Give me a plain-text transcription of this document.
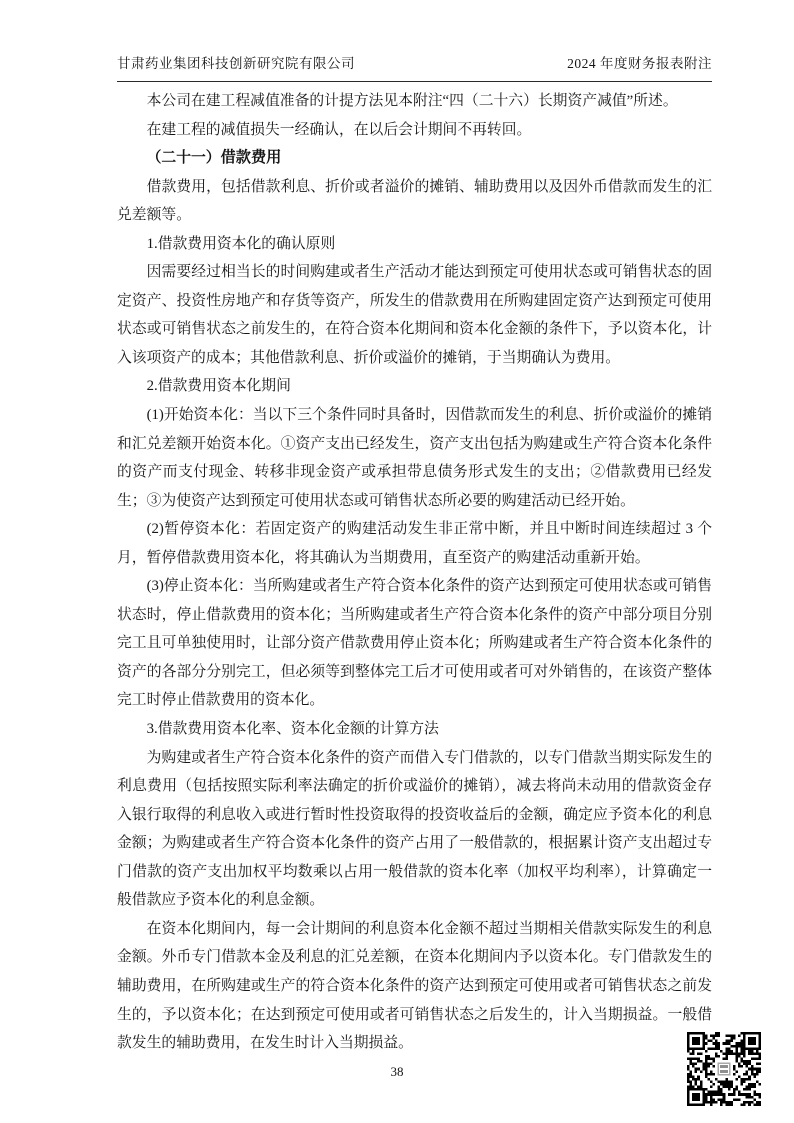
甘肃药业集团科技创新研究院有限公司	2024 年度财务报表附注

本公司在建工程减值准备的计提方法见本附注“四（二十六）长期资产减值”所述。

在建工程的减值损失一经确认，在以后会计期间不再转回。

（二十一）借款费用

借款费用，包括借款利息、折价或者溢价的摊销、辅助费用以及因外币借款而发生的汇兑差额等。

1.借款费用资本化的确认原则

因需要经过相当长的时间购建或者生产活动才能达到预定可使用状态或可销售状态的固定资产、投资性房地产和存货等资产，所发生的借款费用在所购建固定资产达到预定可使用状态或可销售状态之前发生的，在符合资本化期间和资本化金额的条件下，予以资本化，计入该项资产的成本；其他借款利息、折价或溢价的摊销，于当期确认为费用。

2.借款费用资本化期间

(1)开始资本化：当以下三个条件同时具备时，因借款而发生的利息、折价或溢价的摊销和汇兑差额开始资本化。①资产支出已经发生，资产支出包括为购建或生产符合资本化条件的资产而支付现金、转移非现金资产或承担带息债务形式发生的支出；②借款费用已经发生；③为使资产达到预定可使用状态或可销售状态所必要的购建活动已经开始。

(2)暂停资本化：若固定资产的购建活动发生非正常中断，并且中断时间连续超过 3 个月，暂停借款费用资本化，将其确认为当期费用，直至资产的购建活动重新开始。

(3)停止资本化：当所购建或者生产符合资本化条件的资产达到预定可使用状态或可销售状态时，停止借款费用的资本化；当所购建或者生产符合资本化条件的资产中部分项目分别完工且可单独使用时，让部分资产借款费用停止资本化；所购建或者生产符合资本化条件的资产的各部分分别完工，但必须等到整体完工后才可使用或者可对外销售的，在该资产整体完工时停止借款费用的资本化。

3.借款费用资本化率、资本化金额的计算方法

为购建或者生产符合资本化条件的资产而借入专门借款的，以专门借款当期实际发生的利息费用（包括按照实际利率法确定的折价或溢价的摊销），减去将尚未动用的借款资金存入银行取得的利息收入或进行暂时性投资取得的投资收益后的金额，确定应予资本化的利息金额；为购建或者生产符合资本化条件的资产占用了一般借款的，根据累计资产支出超过专门借款的资产支出加权平均数乘以占用一般借款的资本化率（加权平均利率），计算确定一般借款应予资本化的利息金额。

在资本化期间内，每一会计期间的利息资本化金额不超过当期相关借款实际发生的利息金额。外币专门借款本金及利息的汇兑差额，在资本化期间内予以资本化。专门借款发生的辅助费用，在所购建或生产的符合资本化条件的资产达到预定可使用或者可销售状态之前发生的，予以资本化；在达到预定可使用或者可销售状态之后发生的，计入当期损益。一般借款发生的辅助费用，在发生时计入当期损益。

38
